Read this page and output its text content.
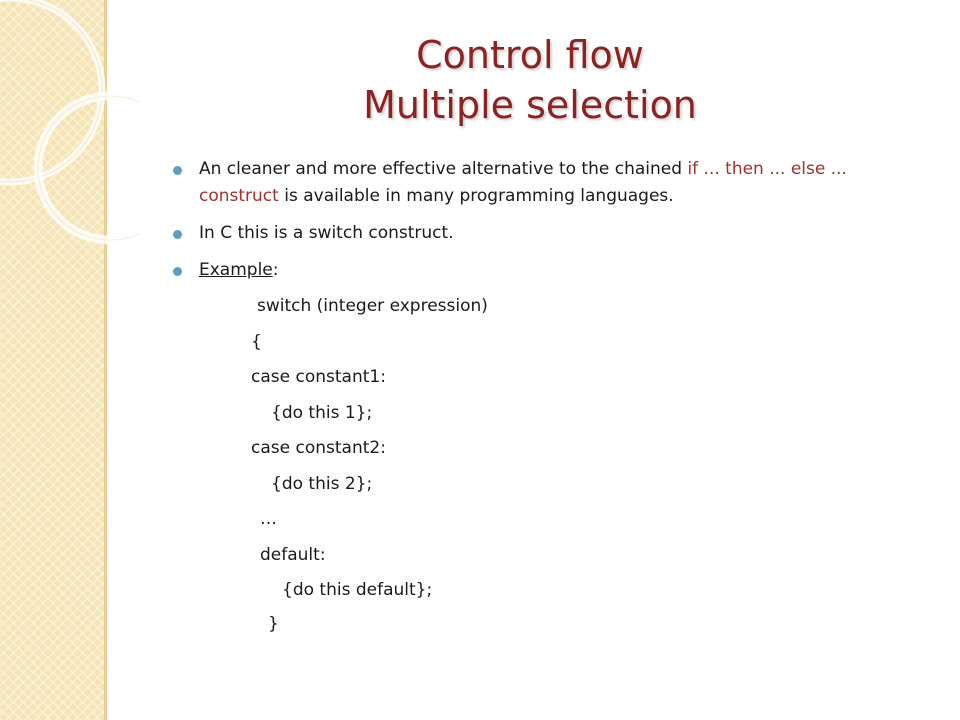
Control flow
Multiple selection
An cleaner and more effective alternative to the chained if ... then ... else ... construct is available in many programming languages.
In C this is a switch construct.
Example:
switch (integer expression)
{
case constant1:
{do this 1};
case constant2:
{do this 2};
…
default:
{do this default};
}
